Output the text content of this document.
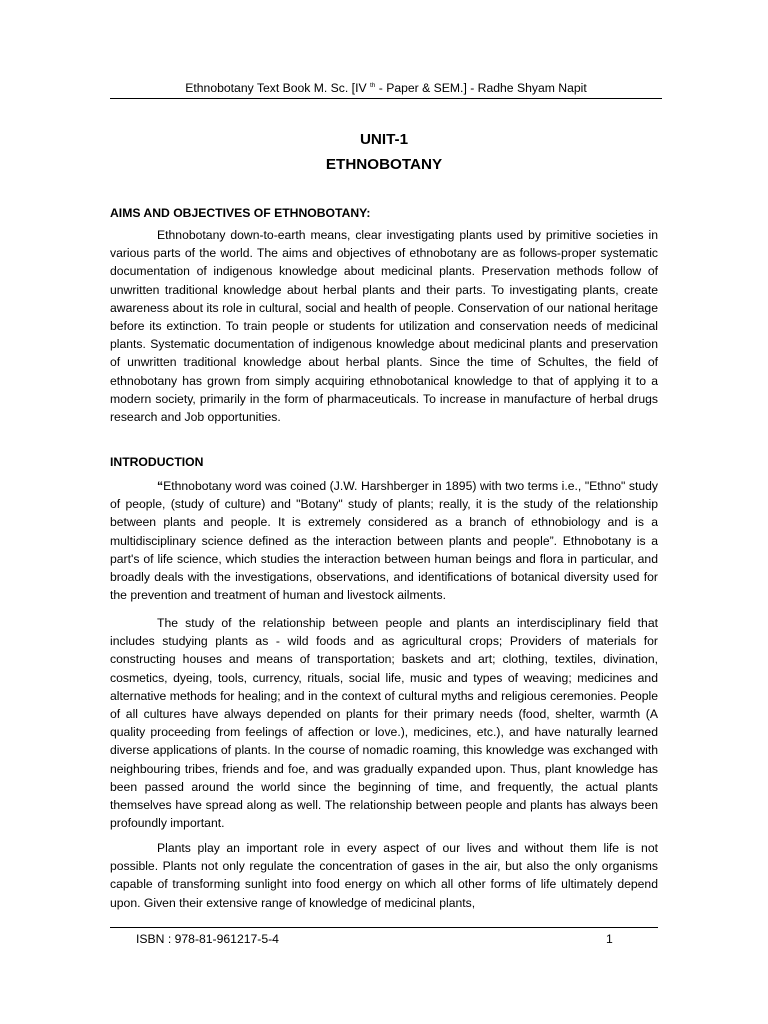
Ethnobotany Text Book M. Sc. [IV $^{th}$ - Paper & SEM.] - Radhe Shyam Napit
UNIT-1
ETHNOBOTANY
AIMS AND OBJECTIVES OF ETHNOBOTANY:
Ethnobotany down-to-earth means, clear investigating plants used by primitive societies in various parts of the world. The aims and objectives of ethnobotany are as follows-proper systematic documentation of indigenous knowledge about medicinal plants. Preservation methods follow of unwritten traditional knowledge about herbal plants and their parts. To investigating plants, create awareness about its role in cultural, social and health of people. Conservation of our national heritage before its extinction. To train people or students for utilization and conservation needs of medicinal plants. Systematic documentation of indigenous knowledge about medicinal plants and preservation of unwritten traditional knowledge about herbal plants. Since the time of Schultes, the field of ethnobotany has grown from simply acquiring ethnobotanical knowledge to that of applying it to a modern society, primarily in the form of pharmaceuticals. To increase in manufacture of herbal drugs research and Job opportunities.
INTRODUCTION
“Ethnobotany word was coined (J.W. Harshberger in 1895) with two terms i.e., "Ethno" study of people, (study of culture) and "Botany" study of plants; really, it is the study of the relationship between plants and people. It is extremely considered as a branch of ethnobiology and is a multidisciplinary science defined as the interaction between plants and people”. Ethnobotany is a part's of life science, which studies the interaction between human beings and flora in particular, and broadly deals with the investigations, observations, and identifications of botanical diversity used for the prevention and treatment of human and livestock ailments.
The study of the relationship between people and plants an interdisciplinary field that includes studying plants as - wild foods and as agricultural crops; Providers of materials for constructing houses and means of transportation; baskets and art; clothing, textiles, divination, cosmetics, dyeing, tools, currency, rituals, social life, music and types of weaving; medicines and alternative methods for healing; and in the context of cultural myths and religious ceremonies. People of all cultures have always depended on plants for their primary needs (food, shelter, warmth (A quality proceeding from feelings of affection or love.), medicines, etc.), and have naturally learned diverse applications of plants. In the course of nomadic roaming, this knowledge was exchanged with neighbouring tribes, friends and foe, and was gradually expanded upon. Thus, plant knowledge has been passed around the world since the beginning of time, and frequently, the actual plants themselves have spread along as well. The relationship between people and plants has always been profoundly important.
Plants play an important role in every aspect of our lives and without them life is not possible. Plants not only regulate the concentration of gases in the air, but also the only organisms capable of transforming sunlight into food energy on which all other forms of life ultimately depend upon. Given their extensive range of knowledge of medicinal plants,
ISBN : 978-81-961217-5-4	1
